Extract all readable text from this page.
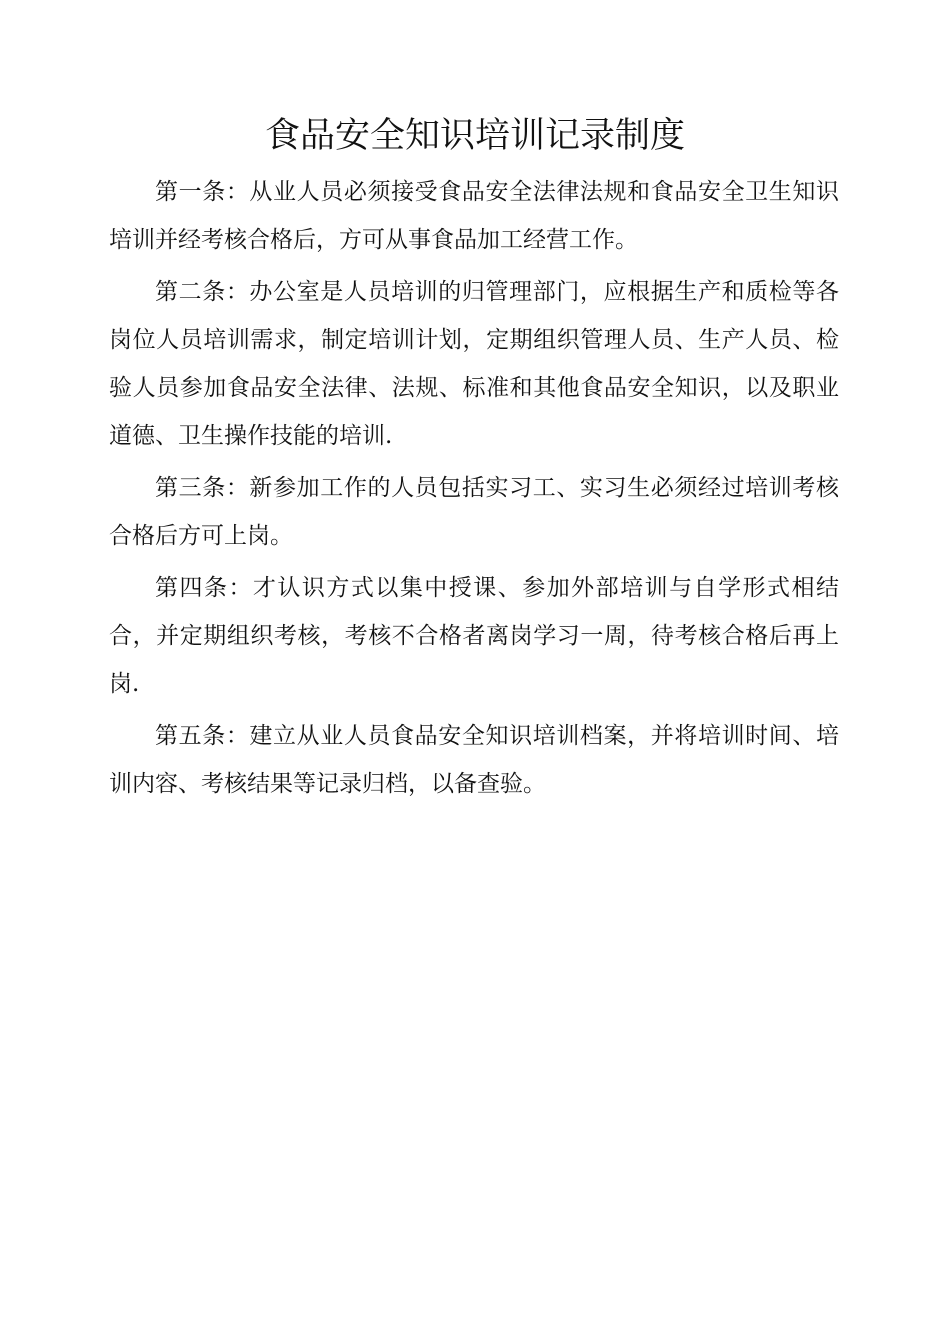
食品安全知识培训记录制度

第一条：从业人员必须接受食品安全法律法规和食品安全卫生知识培训并经考核合格后，方可从事食品加工经营工作。

第二条：办公室是人员培训的归管理部门，应根据生产和质检等各岗位人员培训需求，制定培训计划，定期组织管理人员、生产人员、检验人员参加食品安全法律、法规、标准和其他食品安全知识，以及职业道德、卫生操作技能的培训.

第三条：新参加工作的人员包括实习工、实习生必须经过培训考核合格后方可上岗。

第四条：才认识方式以集中授课、参加外部培训与自学形式相结合，并定期组织考核，考核不合格者离岗学习一周，待考核合格后再上岗.

第五条：建立从业人员食品安全知识培训档案，并将培训时间、培训内容、考核结果等记录归档，以备查验。
